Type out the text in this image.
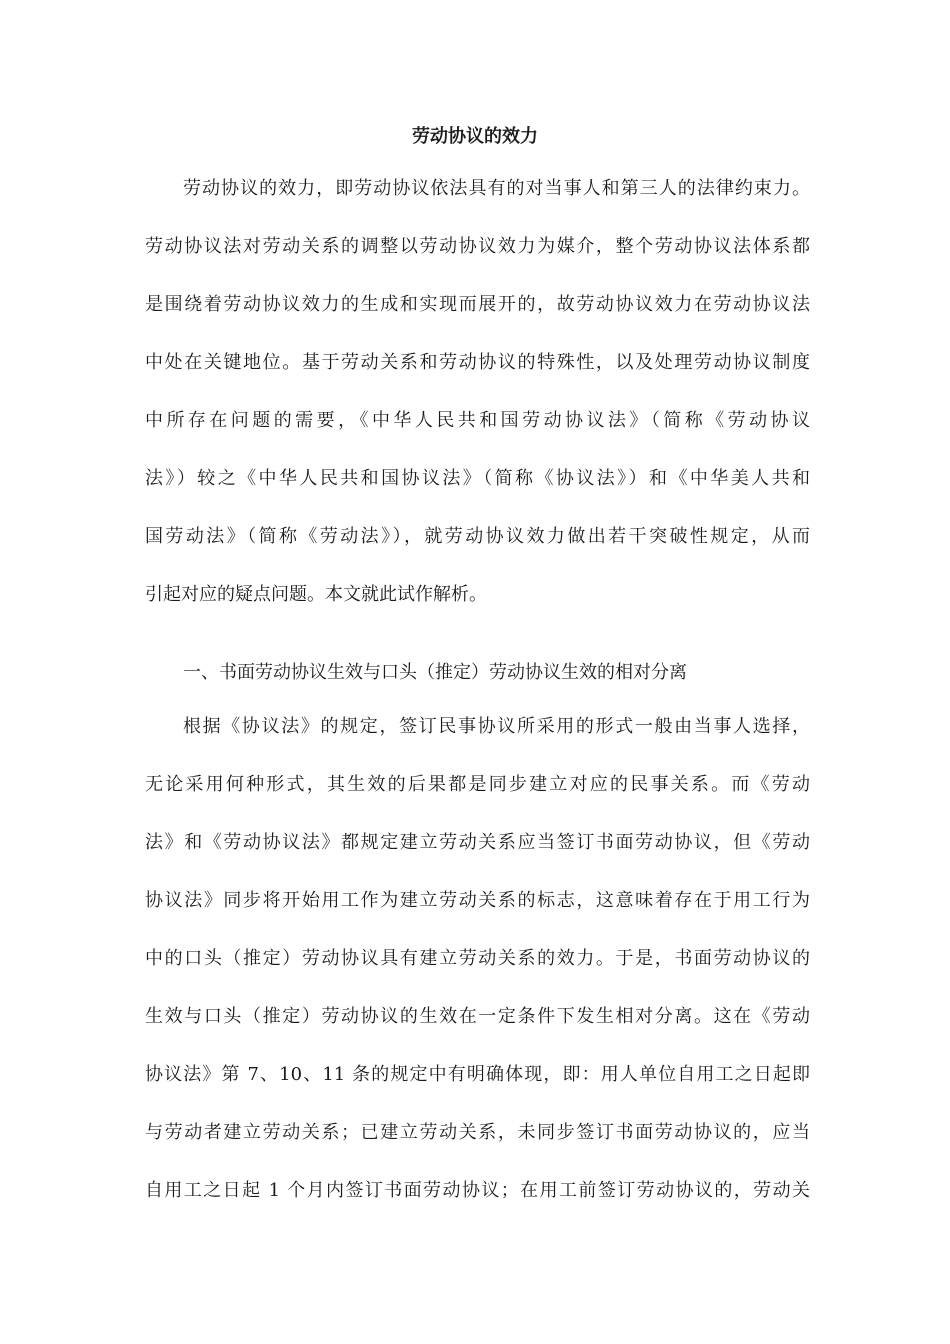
劳动协议的效力
劳动协议的效力，即劳动协议依法具有的对当事人和第三人的法律约束力。
劳动协议法对劳动关系的调整以劳动协议效力为媒介，整个劳动协议法体系都
是围绕着劳动协议效力的生成和实现而展开的，故劳动协议效力在劳动协议法
中处在关键地位。基于劳动关系和劳动协议的特殊性，以及处理劳动协议制度
中所存在问题的需要，《中华人民共和国劳动协议法》（简称《劳动协议
法》）较之《中华人民共和国协议法》（简称《协议法》）和《中华美人共和
国劳动法》（简称《劳动法》），就劳动协议效力做出若干突破性规定，从而
引起对应的疑点问题。本文就此试作解析。
一、书面劳动协议生效与口头（推定）劳动协议生效的相对分离
根据《协议法》的规定，签订民事协议所采用的形式一般由当事人选择，
无论采用何种形式，其生效的后果都是同步建立对应的民事关系。而《劳动
法》和《劳动协议法》都规定建立劳动关系应当签订书面劳动协议，但《劳动
协议法》同步将开始用工作为建立劳动关系的标志，这意味着存在于用工行为
中的口头（推定）劳动协议具有建立劳动关系的效力。于是，书面劳动协议的
生效与口头（推定）劳动协议的生效在一定条件下发生相对分离。这在《劳动
协议法》第 7、10、11 条的规定中有明确体现，即：用人单位自用工之日起即
与劳动者建立劳动关系；已建立劳动关系，未同步签订书面劳动协议的，应当
自用工之日起 1 个月内签订书面劳动协议；在用工前签订劳动协议的，劳动关
